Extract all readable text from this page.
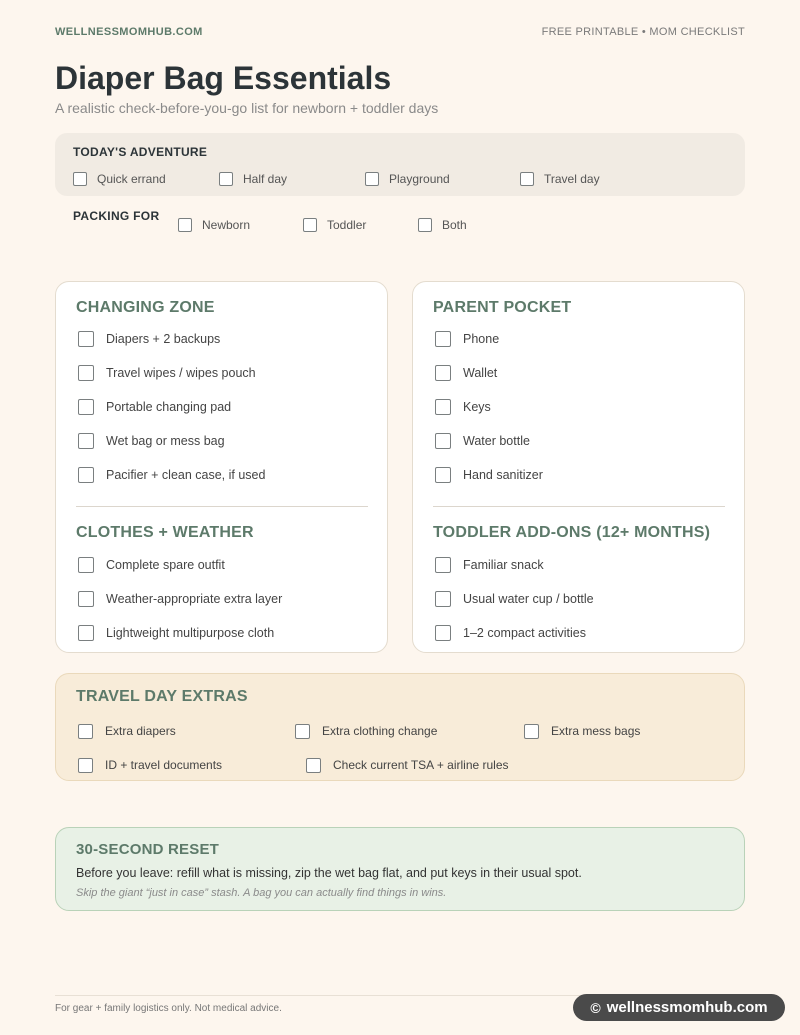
WELLNESSMOMHUB.COM	FREE PRINTABLE • MOM CHECKLIST
Diaper Bag Essentials
A realistic check-before-you-go list for newborn + toddler days
TODAY'S ADVENTURE
Quick errand	Half day	Playground	Travel day
PACKING FOR
Newborn	Toddler	Both
CHANGING ZONE
Diapers + 2 backups
Travel wipes / wipes pouch
Portable changing pad
Wet bag or mess bag
Pacifier + clean case, if used
CLOTHES + WEATHER
Complete spare outfit
Weather-appropriate extra layer
Lightweight multipurpose cloth
PARENT POCKET
Phone
Wallet
Keys
Water bottle
Hand sanitizer
TODDLER ADD-ONS (12+ MONTHS)
Familiar snack
Usual water cup / bottle
1–2 compact activities
TRAVEL DAY EXTRAS
Extra diapers	Extra clothing change	Extra mess bags
ID + travel documents	Check current TSA + airline rules
30-SECOND RESET
Before you leave: refill what is missing, zip the wet bag flat, and put keys in their usual spot.
Skip the giant “just in case” stash. A bag you can actually find things in wins.
For gear + family logistics only. Not medical advice.	© wellnessmomhub.com
